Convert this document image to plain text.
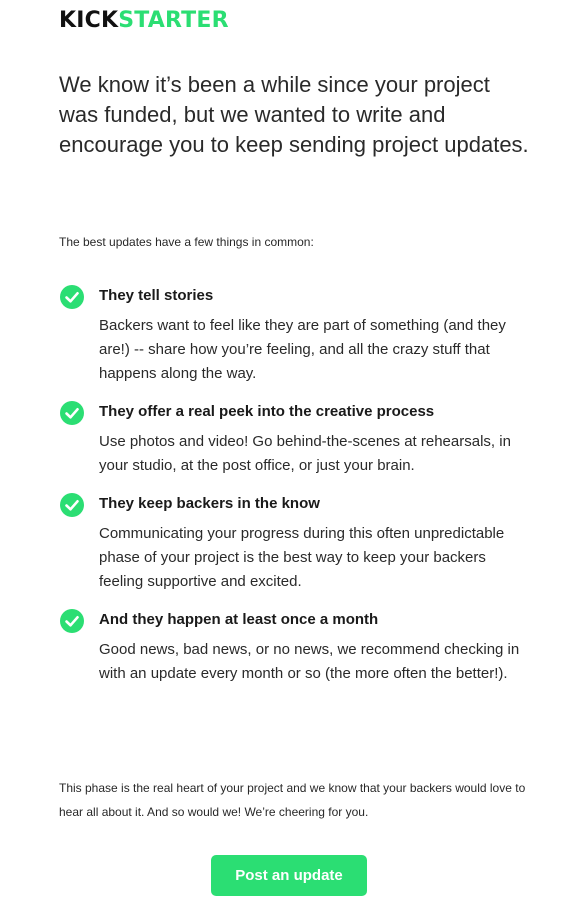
KICKSTARTER

We know it’s been a while since your project was funded, but we wanted to write and encourage you to keep sending project updates.

The best updates have a few things in common:

They tell stories
Backers want to feel like they are part of something (and they are!) -- share how you’re feeling, and all the crazy stuff that happens along the way.
They offer a real peek into the creative process
Use photos and video! Go behind-the-scenes at rehearsals, in your studio, at the post office, or just your brain.
They keep backers in the know
Communicating your progress during this often unpredictable phase of your project is the best way to keep your backers feeling supportive and excited.
And they happen at least once a month
Good news, bad news, or no news, we recommend checking in with an update every month or so (the more often the better!).

This phase is the real heart of your project and we know that your backers would love to hear all about it. And so would we! We’re cheering for you.

Post an update
